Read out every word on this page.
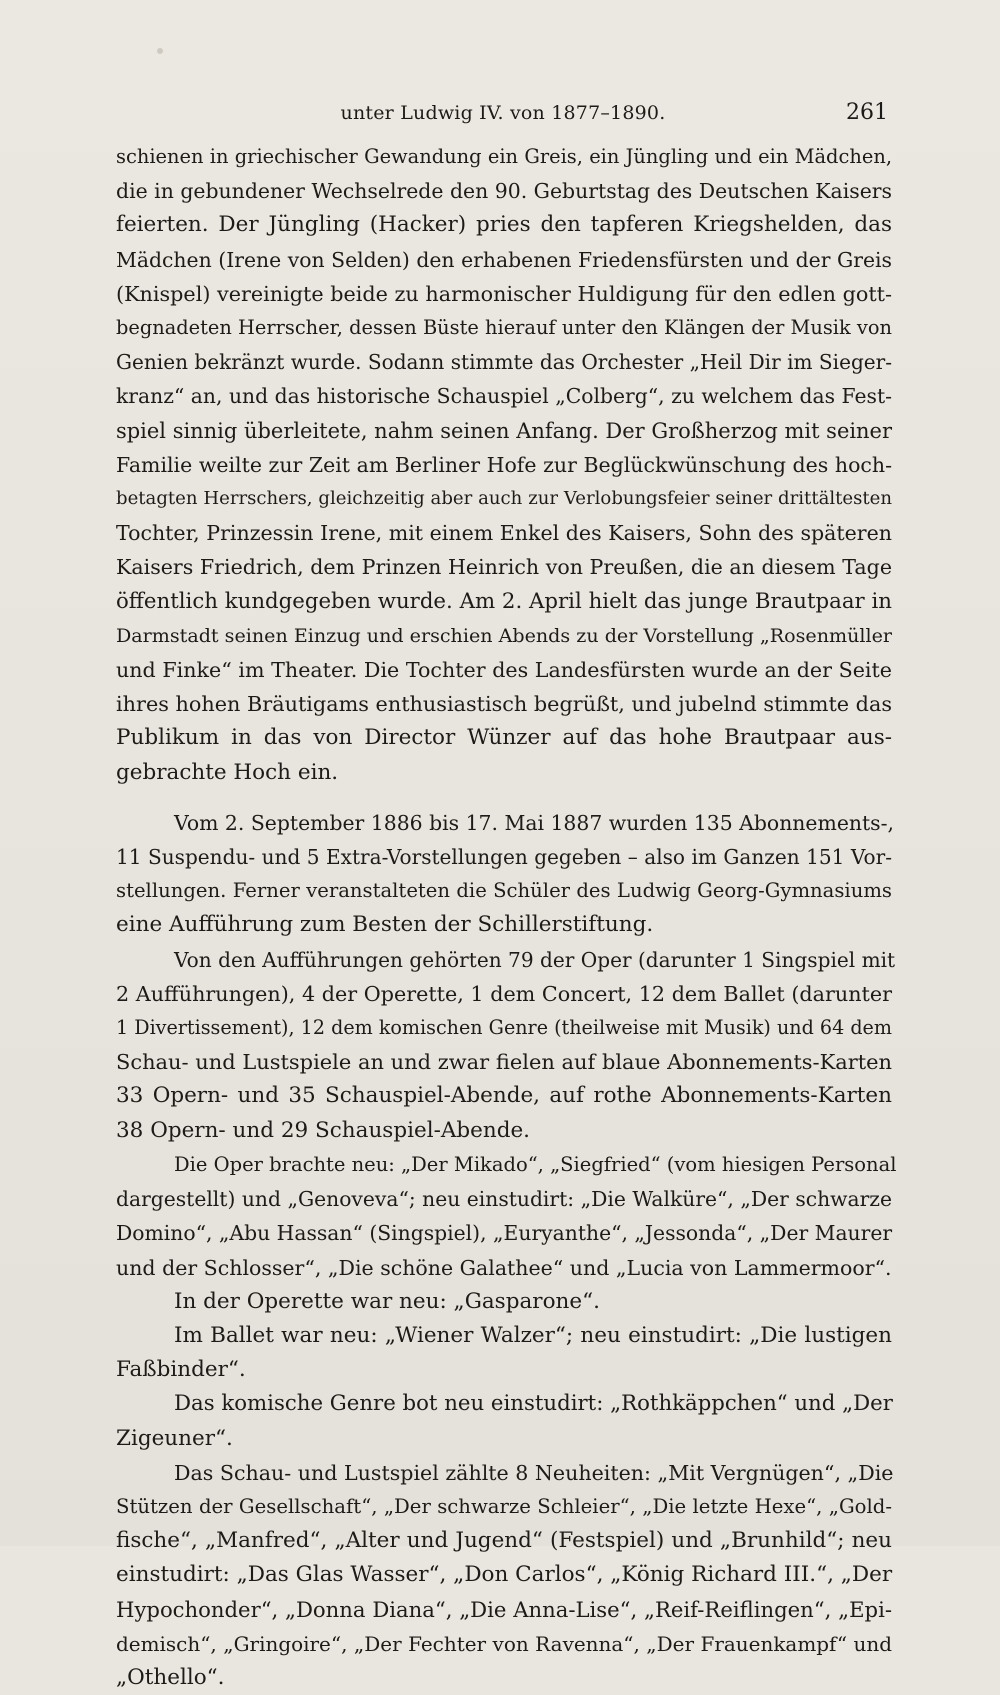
unter Ludwig IV. von 1877–1890.	261
schienen in griechischer Gewandung ein Greis, ein Jüngling und ein Mädchen,
die in gebundener Wechselrede den 90. Geburtstag des Deutschen Kaisers
feierten. Der Jüngling (Hacker) pries den tapferen Kriegshelden, das
Mädchen (Irene von Selden) den erhabenen Friedensfürsten und der Greis
(Knispel) vereinigte beide zu harmonischer Huldigung für den edlen gott-
begnadeten Herrscher, dessen Büste hierauf unter den Klängen der Musik von
Genien bekränzt wurde. Sodann stimmte das Orchester „Heil Dir im Sieger-
kranz“ an, und das historische Schauspiel „Colberg“, zu welchem das Fest-
spiel sinnig überleitete, nahm seinen Anfang. Der Großherzog mit seiner
Familie weilte zur Zeit am Berliner Hofe zur Beglückwünschung des hoch-
betagten Herrschers, gleichzeitig aber auch zur Verlobungsfeier seiner drittältesten
Tochter, Prinzessin Irene, mit einem Enkel des Kaisers, Sohn des späteren
Kaisers Friedrich, dem Prinzen Heinrich von Preußen, die an diesem Tage
öffentlich kundgegeben wurde. Am 2. April hielt das junge Brautpaar in
Darmstadt seinen Einzug und erschien Abends zu der Vorstellung „Rosenmüller
und Finke“ im Theater. Die Tochter des Landesfürsten wurde an der Seite
ihres hohen Bräutigams enthusiastisch begrüßt, und jubelnd stimmte das
Publikum in das von Director Wünzer auf das hohe Brautpaar aus-
gebrachte Hoch ein.
Vom 2. September 1886 bis 17. Mai 1887 wurden 135 Abonnements-,
11 Suspendu- und 5 Extra-Vorstellungen gegeben – also im Ganzen 151 Vor-
stellungen. Ferner veranstalteten die Schüler des Ludwig Georg-Gymnasiums
eine Aufführung zum Besten der Schillerstiftung.
Von den Aufführungen gehörten 79 der Oper (darunter 1 Singspiel mit
2 Aufführungen), 4 der Operette, 1 dem Concert, 12 dem Ballet (darunter
1 Divertissement), 12 dem komischen Genre (theilweise mit Musik) und 64 dem
Schau- und Lustspiele an und zwar fielen auf blaue Abonnements-Karten
33 Opern- und 35 Schauspiel-Abende, auf rothe Abonnements-Karten
38 Opern- und 29 Schauspiel-Abende.
Die Oper brachte neu: „Der Mikado“, „Siegfried“ (vom hiesigen Personal
dargestellt) und „Genoveva“; neu einstudirt: „Die Walküre“, „Der schwarze
Domino“, „Abu Hassan“ (Singspiel), „Euryanthe“, „Jessonda“, „Der Maurer
und der Schlosser“, „Die schöne Galathee“ und „Lucia von Lammermoor“.
In der Operette war neu: „Gasparone“.
Im Ballet war neu: „Wiener Walzer“; neu einstudirt: „Die lustigen
Faßbinder“.
Das komische Genre bot neu einstudirt: „Rothkäppchen“ und „Der
Zigeuner“.
Das Schau- und Lustspiel zählte 8 Neuheiten: „Mit Vergnügen“, „Die
Stützen der Gesellschaft“, „Der schwarze Schleier“, „Die letzte Hexe“, „Gold-
fische“, „Manfred“, „Alter und Jugend“ (Festspiel) und „Brunhild“; neu
einstudirt: „Das Glas Wasser“, „Don Carlos“, „König Richard III.“, „Der
Hypochonder“, „Donna Diana“, „Die Anna-Lise“, „Reif-Reiflingen“, „Epi-
demisch“, „Gringoire“, „Der Fechter von Ravenna“, „Der Frauenkampf“ und
„Othello“.
